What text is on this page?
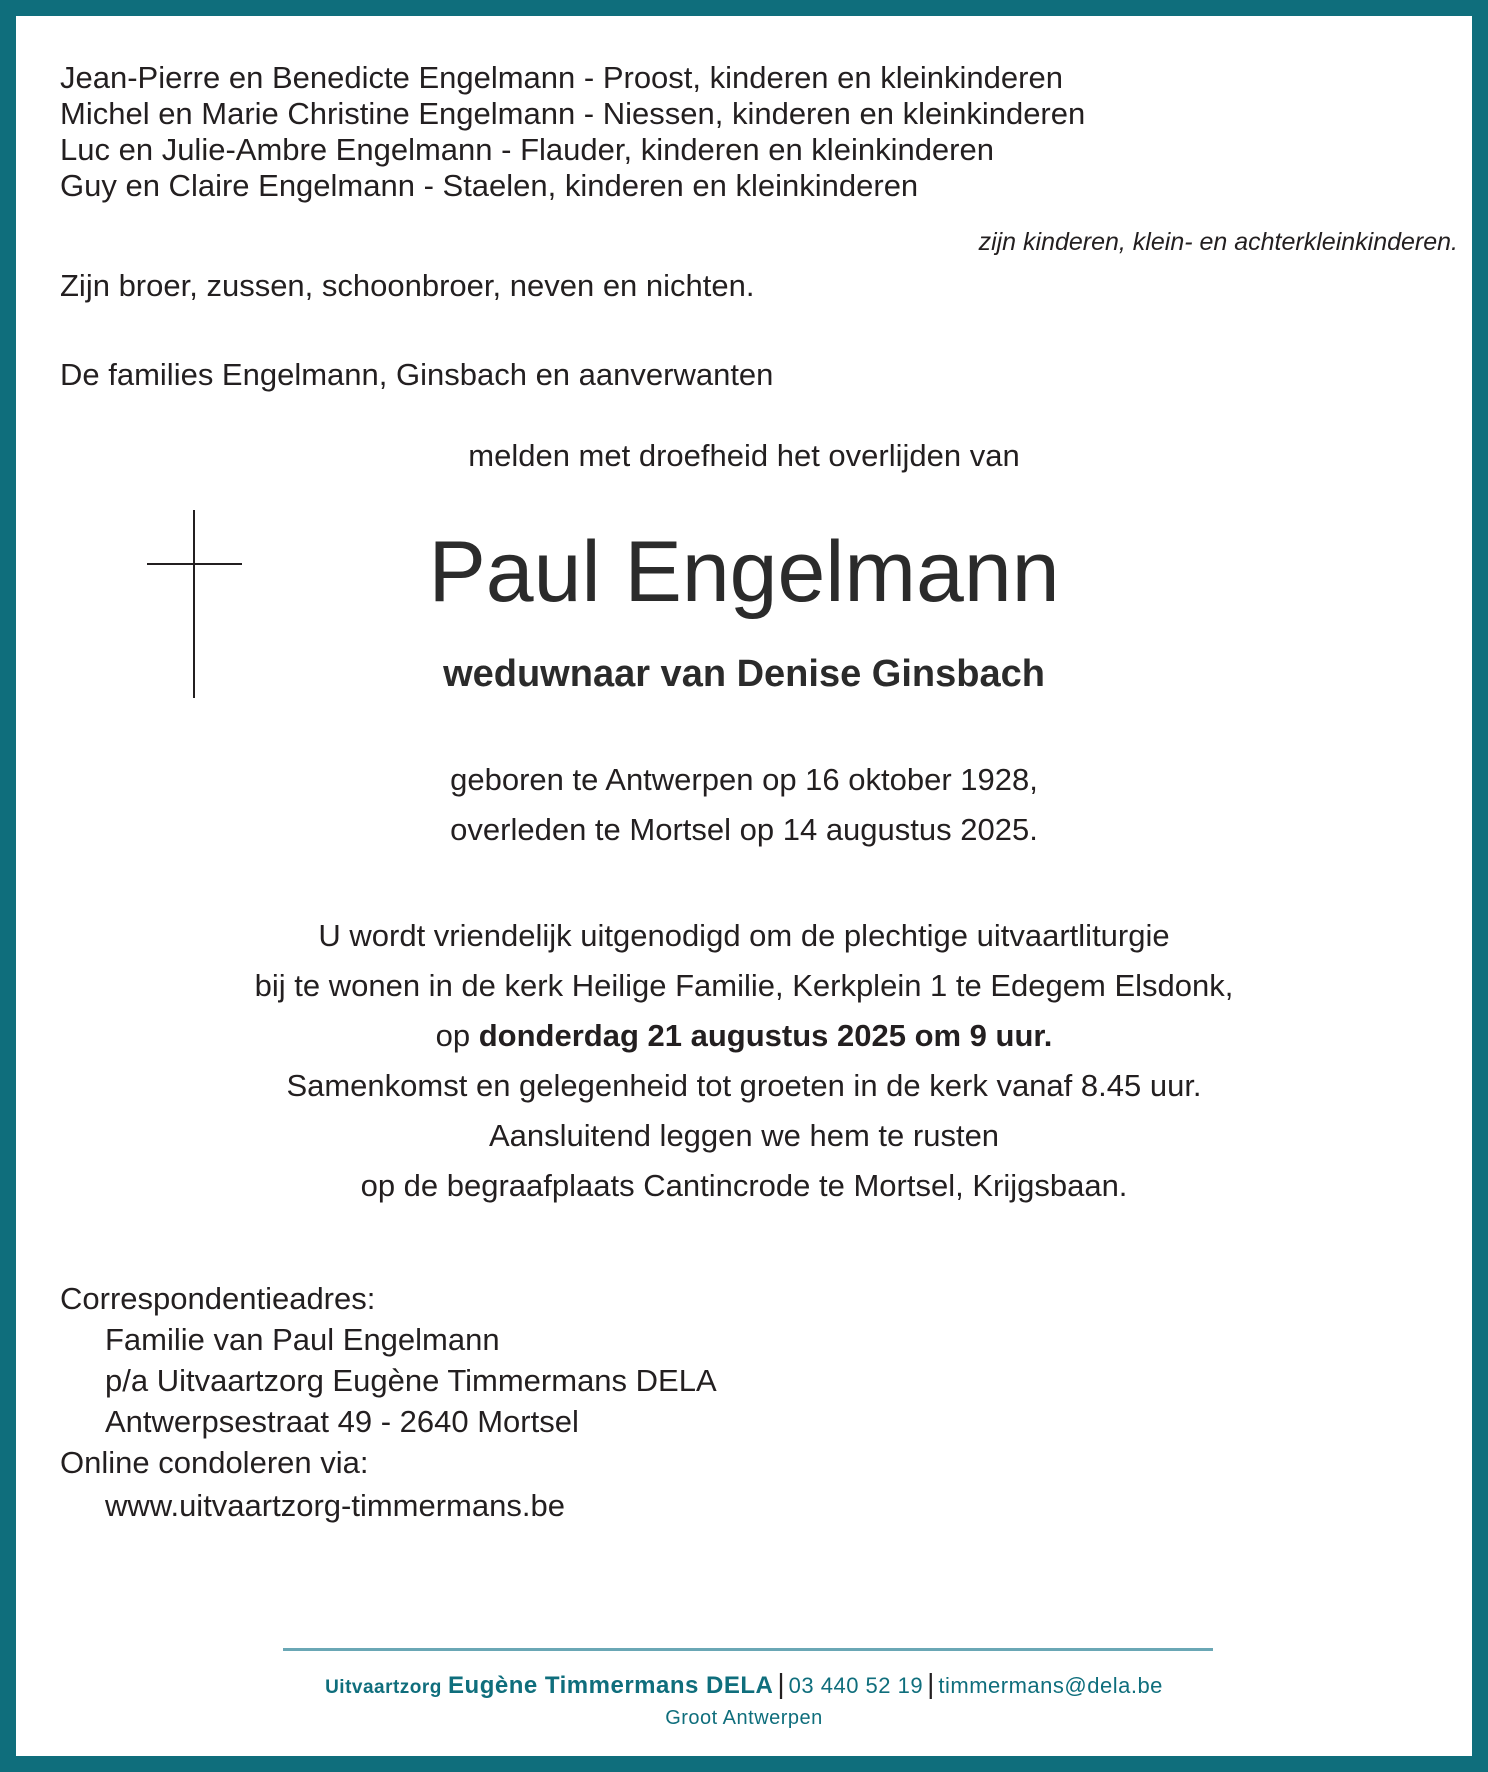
Jean-Pierre en Benedicte Engelmann - Proost, kinderen en kleinkinderen
Michel en Marie Christine Engelmann - Niessen, kinderen en kleinkinderen
Luc en Julie-Ambre Engelmann - Flauder, kinderen en kleinkinderen
Guy en Claire Engelmann - Staelen, kinderen en kleinkinderen
zijn kinderen, klein- en achterkleinkinderen.
Zijn broer, zussen, schoonbroer, neven en nichten.
De families Engelmann, Ginsbach en aanverwanten
melden met droefheid het overlijden van
Paul Engelmann
weduwnaar van Denise Ginsbach
geboren te Antwerpen op 16 oktober 1928,
overleden te Mortsel op 14 augustus 2025.
U wordt vriendelijk uitgenodigd om de plechtige uitvaartliturgie
bij te wonen in de kerk Heilige Familie, Kerkplein 1 te Edegem Elsdonk,
op donderdag 21 augustus 2025 om 9 uur.
Samenkomst en gelegenheid tot groeten in de kerk vanaf 8.45 uur.
Aansluitend leggen we hem te rusten
op de begraafplaats Cantincrode te Mortsel, Krijgsbaan.
Correspondentieadres:
Familie van Paul Engelmann
p/a Uitvaartzorg Eugène Timmermans DELA
Antwerpsestraat 49 - 2640 Mortsel
Online condoleren via:
www.uitvaartzorg-timmermans.be
Uitvaartzorg Eugène Timmermans DELA | 03 440 52 19 | timmermans@dela.be
Groot Antwerpen
